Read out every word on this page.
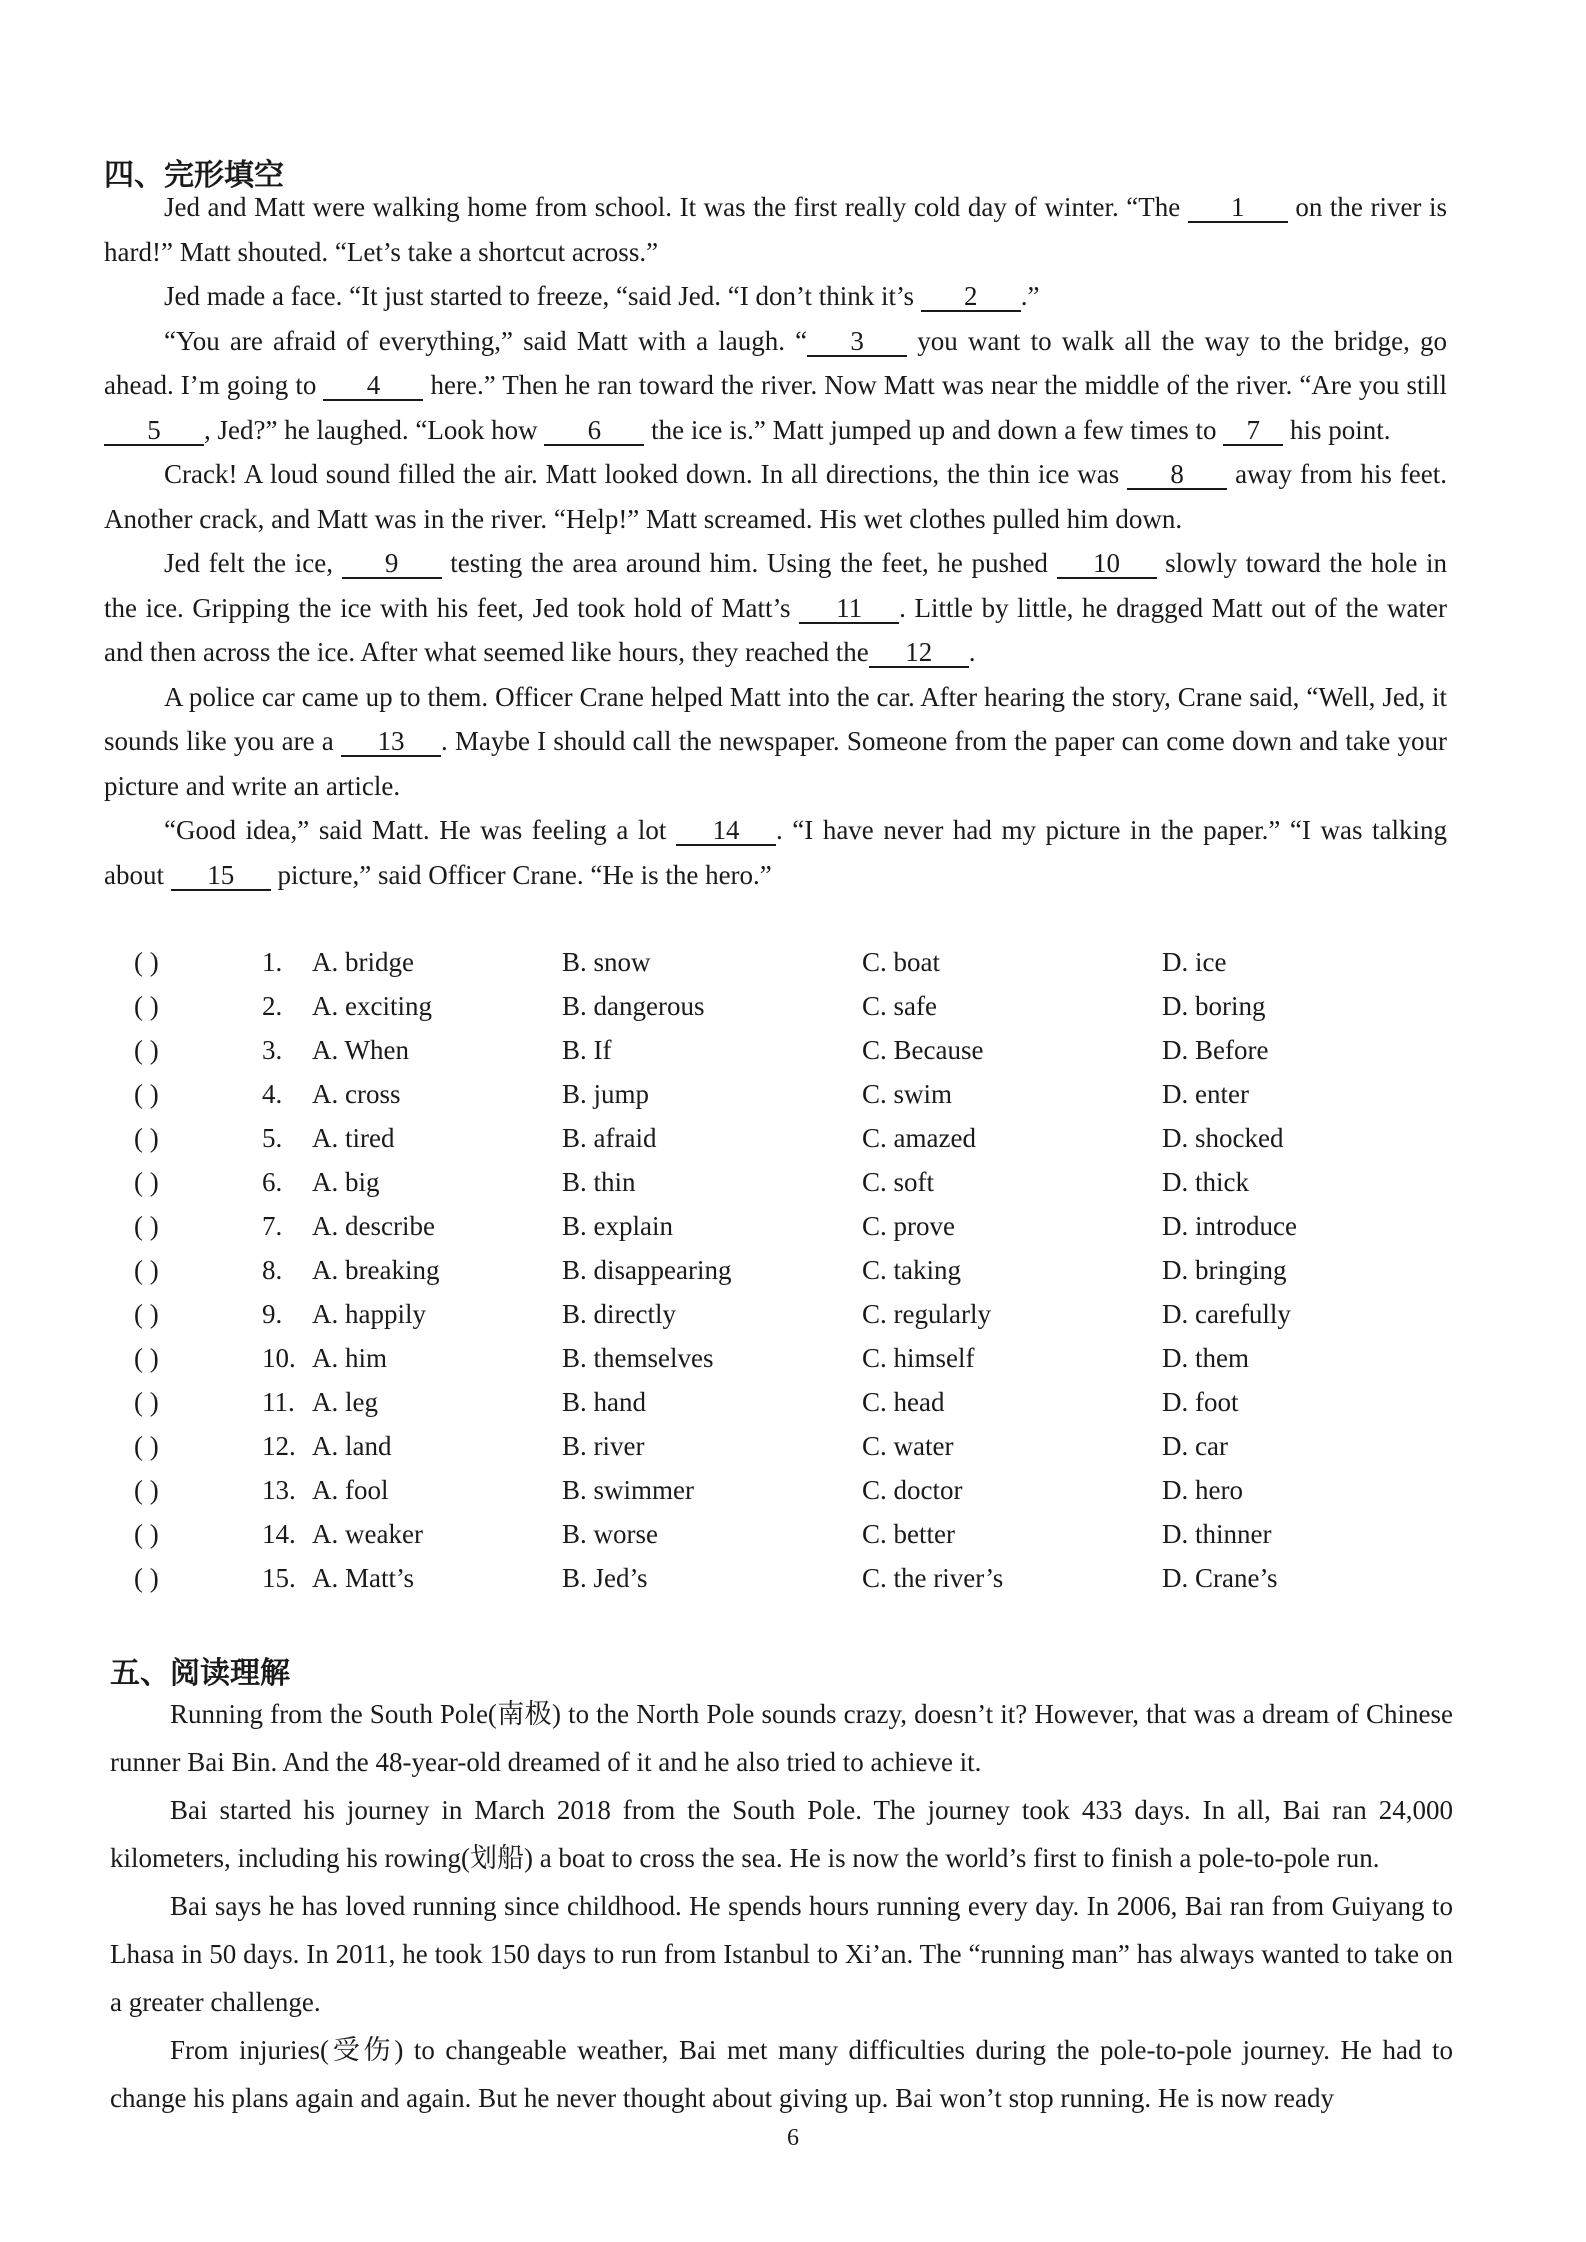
四、完形填空
Jed and Matt were walking home from school. It was the first really cold day of winter. “The 1 on the river is hard!” Matt shouted. “Let’s take a shortcut across.”
Jed made a face. “It just started to freeze, “said Jed. “I don’t think it’s 2 .”
“You are afraid of everything,” said Matt with a laugh. “ 3 you want to walk all the way to the bridge, go ahead. I’m going to 4 here.” Then he ran toward the river. Now Matt was near the middle of the river. “Are you still 5 , Jed?” he laughed. “Look how 6 the ice is.” Matt jumped up and down a few times to 7 his point.
Crack! A loud sound filled the air. Matt looked down. In all directions, the thin ice was 8 away from his feet. Another crack, and Matt was in the river. “Help!” Matt screamed. His wet clothes pulled him down.
Jed felt the ice, 9 testing the area around him. Using the feet, he pushed 10 slowly toward the hole in the ice. Gripping the ice with his feet, Jed took hold of Matt’s 11 . Little by little, he dragged Matt out of the water and then across the ice. After what seemed like hours, they reached the 12 .
A police car came up to them. Officer Crane helped Matt into the car. After hearing the story, Crane said, “Well, Jed, it sounds like you are a 13 . Maybe I should call the newspaper. Someone from the paper can come down and take your picture and write an article.
“Good idea,” said Matt. He was feeling a lot 14 . “I have never had my picture in the paper.” “I was talking about 15 picture,” said Officer Crane. “He is the hero.”
( )	1. A. bridge	B. snow	C. boat	D. ice
( )	2. A. exciting	B. dangerous	C. safe	D. boring
( )	3. A. When	B. If	C. Because	D. Before
( )	4. A. cross	B. jump	C. swim	D. enter
( )	5. A. tired	B. afraid	C. amazed	D. shocked
( )	6. A. big	B. thin	C. soft	D. thick
( )	7. A. describe	B. explain	C. prove	D. introduce
( )	8. A. breaking	B. disappearing	C. taking	D. bringing
( )	9. A. happily	B. directly	C. regularly	D. carefully
( )	10. A. him	B. themselves	C. himself	D. them
( )	11. A. leg	B. hand	C. head	D. foot
( )	12. A. land	B. river	C. water	D. car
( )	13. A. fool	B. swimmer	C. doctor	D. hero
( )	14. A. weaker	B. worse	C. better	D. thinner
( )	15. A. Matt’s	B. Jed’s	C. the river’s	D. Crane’s
五、阅读理解
Running from the South Pole(南极) to the North Pole sounds crazy, doesn’t it? However, that was a dream of Chinese runner Bai Bin. And the 48-year-old dreamed of it and he also tried to achieve it.
Bai started his journey in March 2018 from the South Pole. The journey took 433 days. In all, Bai ran 24,000 kilometers, including his rowing(划船) a boat to cross the sea. He is now the world’s first to finish a pole-to-pole run.
Bai says he has loved running since childhood. He spends hours running every day. In 2006, Bai ran from Guiyang to Lhasa in 50 days. In 2011, he took 150 days to run from Istanbul to Xi’an. The “running man” has always wanted to take on a greater challenge.
From injuries(受伤) to changeable weather, Bai met many difficulties during the pole-to-pole journey. He had to change his plans again and again. But he never thought about giving up. Bai won’t stop running. He is now ready
6
